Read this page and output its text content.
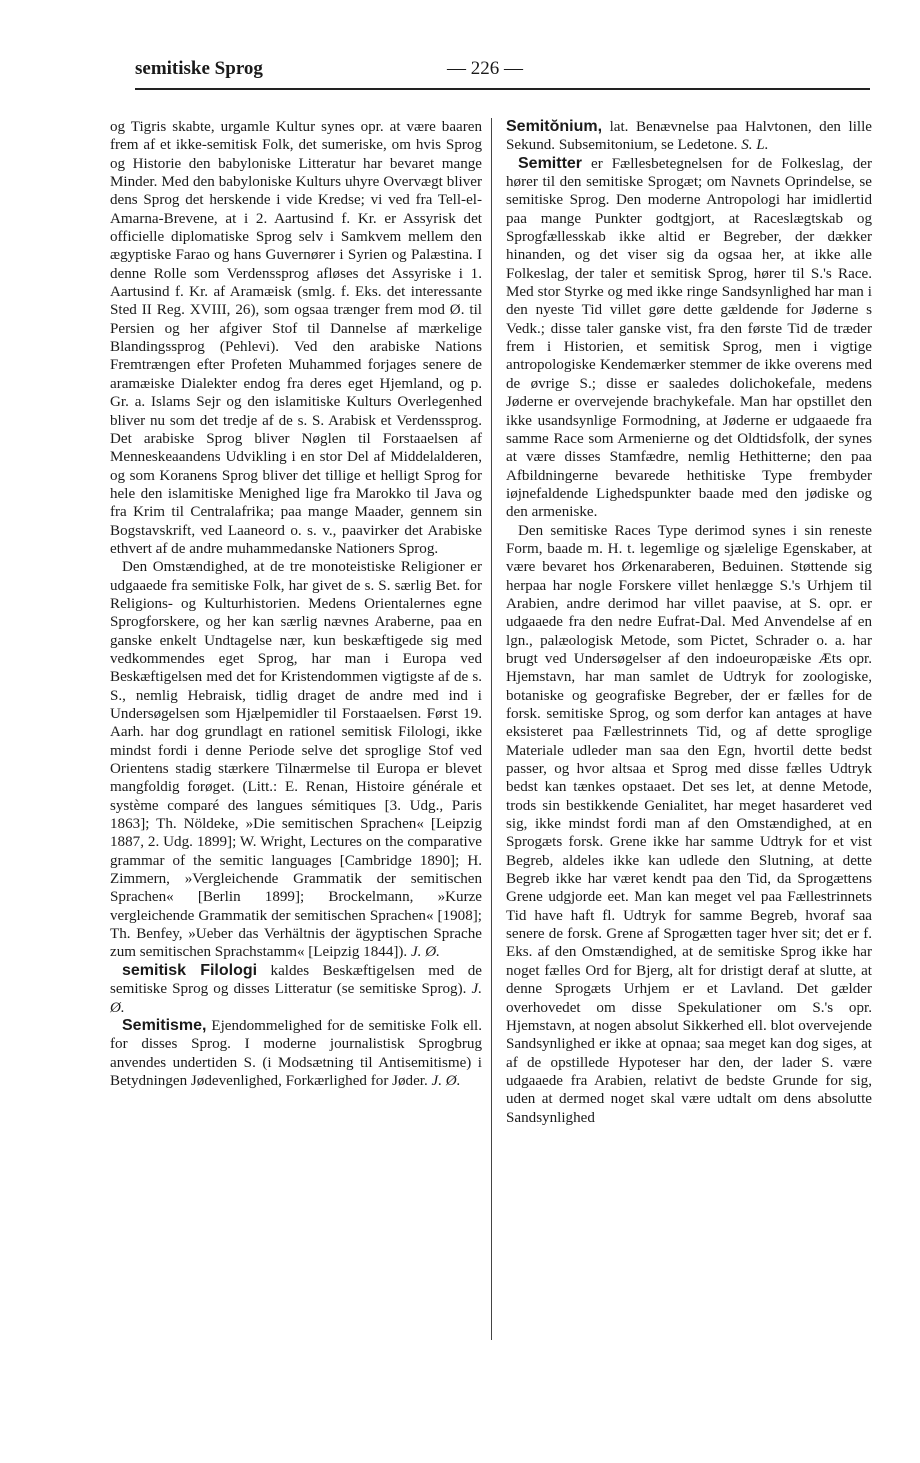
semitiske Sprog	— 226 —

og Tigris skabte, urgamle Kultur synes opr. at være baaren frem af et ikke-semitisk Folk, det sumeriske, om hvis Sprog og Historie den babyloniske Litteratur har bevaret mange Minder. Med den babyloniske Kulturs uhyre Overvægt bliver dens Sprog det herskende i vide Kredse; vi ved fra Tell-el-Amarna-Brevene, at i 2. Aartusind f. Kr. er Assyrisk det officielle diplomatiske Sprog selv i Samkvem mellem den ægyptiske Farao og hans Guvernører i Syrien og Palæstina. I denne Rolle som Verdenssprog afløses det Assyriske i 1. Aartusind f. Kr. af Aramæisk (smlg. f. Eks. det interessante Sted II Reg. XVIII, 26), som ogsaa trænger frem mod Ø. til Persien og her afgiver Stof til Dannelse af mærkelige Blandingssprog (Pehlevi). Ved den arabiske Nations Fremtrængen efter Profeten Muhammed forjages senere de aramæiske Dialekter endog fra deres eget Hjemland, og p. Gr. a. Islams Sejr og den islamitiske Kulturs Overlegenhed bliver nu som det tredje af de s. S. Arabisk et Verdenssprog. Det arabiske Sprog bliver Nøglen til Forstaaelsen af Menneskeaandens Udvikling i en stor Del af Middelalderen, og som Koranens Sprog bliver det tillige et helligt Sprog for hele den islamitiske Menighed lige fra Marokko til Java og fra Krim til Centralafrika; paa mange Maader, gennem sin Bogstavskrift, ved Laaneord o. s. v., paavirker det Arabiske ethvert af de andre muhammedanske Nationers Sprog.

Den Omstændighed, at de tre monoteistiske Religioner er udgaaede fra semitiske Folk, har givet de s. S. særlig Bet. for Religions- og Kulturhistorien. Medens Orientalernes egne Sprogforskere, og her kan særlig nævnes Araberne, paa en ganske enkelt Undtagelse nær, kun beskæftigede sig med vedkommendes eget Sprog, har man i Europa ved Beskæftigelsen med det for Kristendommen vigtigste af de s. S., nemlig Hebraisk, tidlig draget de andre med ind i Undersøgelsen som Hjælpemidler til Forstaaelsen. Først 19. Aarh. har dog grundlagt en rationel semitisk Filologi, ikke mindst fordi i denne Periode selve det sproglige Stof ved Orientens stadig stærkere Tilnærmelse til Europa er blevet mangfoldig forøget. (Litt.: E. Renan, Histoire générale et système comparé des langues sémitiques [3. Udg., Paris 1863]; Th. Nöldeke, »Die semitischen Sprachen« [Leipzig 1887, 2. Udg. 1899]; W. Wright, Lectures on the comparative grammar of the semitic languages [Cambridge 1890]; H. Zimmern, »Vergleichende Grammatik der semitischen Sprachen« [Berlin 1899]; Brockelmann, »Kurze vergleichende Grammatik der semitischen Sprachen« [1908]; Th. Benfey, »Ueber das Verhältnis der ägyptischen Sprache zum semitischen Sprachstamm« [Leipzig 1844]). J. Ø.

semitisk Filologi kaldes Beskæftigelsen med de semitiske Sprog og disses Litteratur (se semitiske Sprog). J. Ø.

Semitisme, Ejendommelighed for de semitiske Folk ell. for disses Sprog. I moderne journalistisk Sprogbrug anvendes undertiden S. (i Modsætning til Antisemitisme) i Betydningen Jødevenlighed, Forkærlighed for Jøder. J. Ø.

Semitŏnium, lat. Benævnelse paa Halvtonen, den lille Sekund. Subsemitonium, se Ledetone. S. L.

Semitter er Fællesbetegnelsen for de Folkeslag, der hører til den semitiske Sprogæt; om Navnets Oprindelse, se semitiske Sprog. Den moderne Antropologi har imidlertid paa mange Punkter godtgjort, at Raceslægtskab og Sprogfællesskab ikke altid er Begreber, der dækker hinanden, og det viser sig da ogsaa her, at ikke alle Folkeslag, der taler et semitisk Sprog, hører til S.'s Race. Med stor Styrke og med ikke ringe Sandsynlighed har man i den nyeste Tid villet gøre dette gældende for Jøderne s Vedk.; disse taler ganske vist, fra den første Tid de træder frem i Historien, et semitisk Sprog, men i vigtige antropologiske Kendemærker stemmer de ikke overens med de øvrige S.; disse er saaledes dolichokefale, medens Jøderne er overvejende brachykefale. Man har opstillet den ikke usandsynlige Formodning, at Jøderne er udgaaede fra samme Race som Armenierne og det Oldtidsfolk, der synes at være disses Stamfædre, nemlig Hethitterne; den paa Afbildningerne bevarede hethitiske Type frembyder iøjnefaldende Lighedspunkter baade med den jødiske og den armeniske.

Den semitiske Races Type derimod synes i sin reneste Form, baade m. H. t. legemlige og sjælelige Egenskaber, at være bevaret hos Ørkenaraberen, Beduinen. Støttende sig herpaa har nogle Forskere villet henlægge S.'s Urhjem til Arabien, andre derimod har villet paavise, at S. opr. er udgaaede fra den nedre Eufrat-Dal. Med Anvendelse af en lgn., palæologisk Metode, som Pictet, Schrader o. a. har brugt ved Undersøgelser af den indoeuropæiske Æts opr. Hjemstavn, har man samlet de Udtryk for zoologiske, botaniske og geografiske Begreber, der er fælles for de forsk. semitiske Sprog, og som derfor kan antages at have eksisteret paa Fællestrinnets Tid, og af dette sproglige Materiale udleder man saa den Egn, hvortil dette bedst passer, og hvor altsaa et Sprog med disse fælles Udtryk bedst kan tænkes opstaaet. Det ses let, at denne Metode, trods sin bestikkende Genialitet, har meget hasarderet ved sig, ikke mindst fordi man af den Omstændighed, at en Sprogæts forsk. Grene ikke har samme Udtryk for et vist Begreb, aldeles ikke kan udlede den Slutning, at dette Begreb ikke har været kendt paa den Tid, da Sprogættens Grene udgjorde eet. Man kan meget vel paa Fællestrinnets Tid have haft fl. Udtryk for samme Begreb, hvoraf saa senere de forsk. Grene af Sprogætten tager hver sit; det er f. Eks. af den Omstændighed, at de semitiske Sprog ikke har noget fælles Ord for Bjerg, alt for dristigt deraf at slutte, at denne Sprogæts Urhjem er et Lavland. Det gælder overhovedet om disse Spekulationer om S.'s opr. Hjemstavn, at nogen absolut Sikkerhed ell. blot overvejende Sandsynlighed er ikke at opnaa; saa meget kan dog siges, at af de opstillede Hypoteser har den, der lader S. være udgaaede fra Arabien, relativt de bedste Grunde for sig, uden at dermed noget skal være udtalt om dens absolutte Sandsynlighed
